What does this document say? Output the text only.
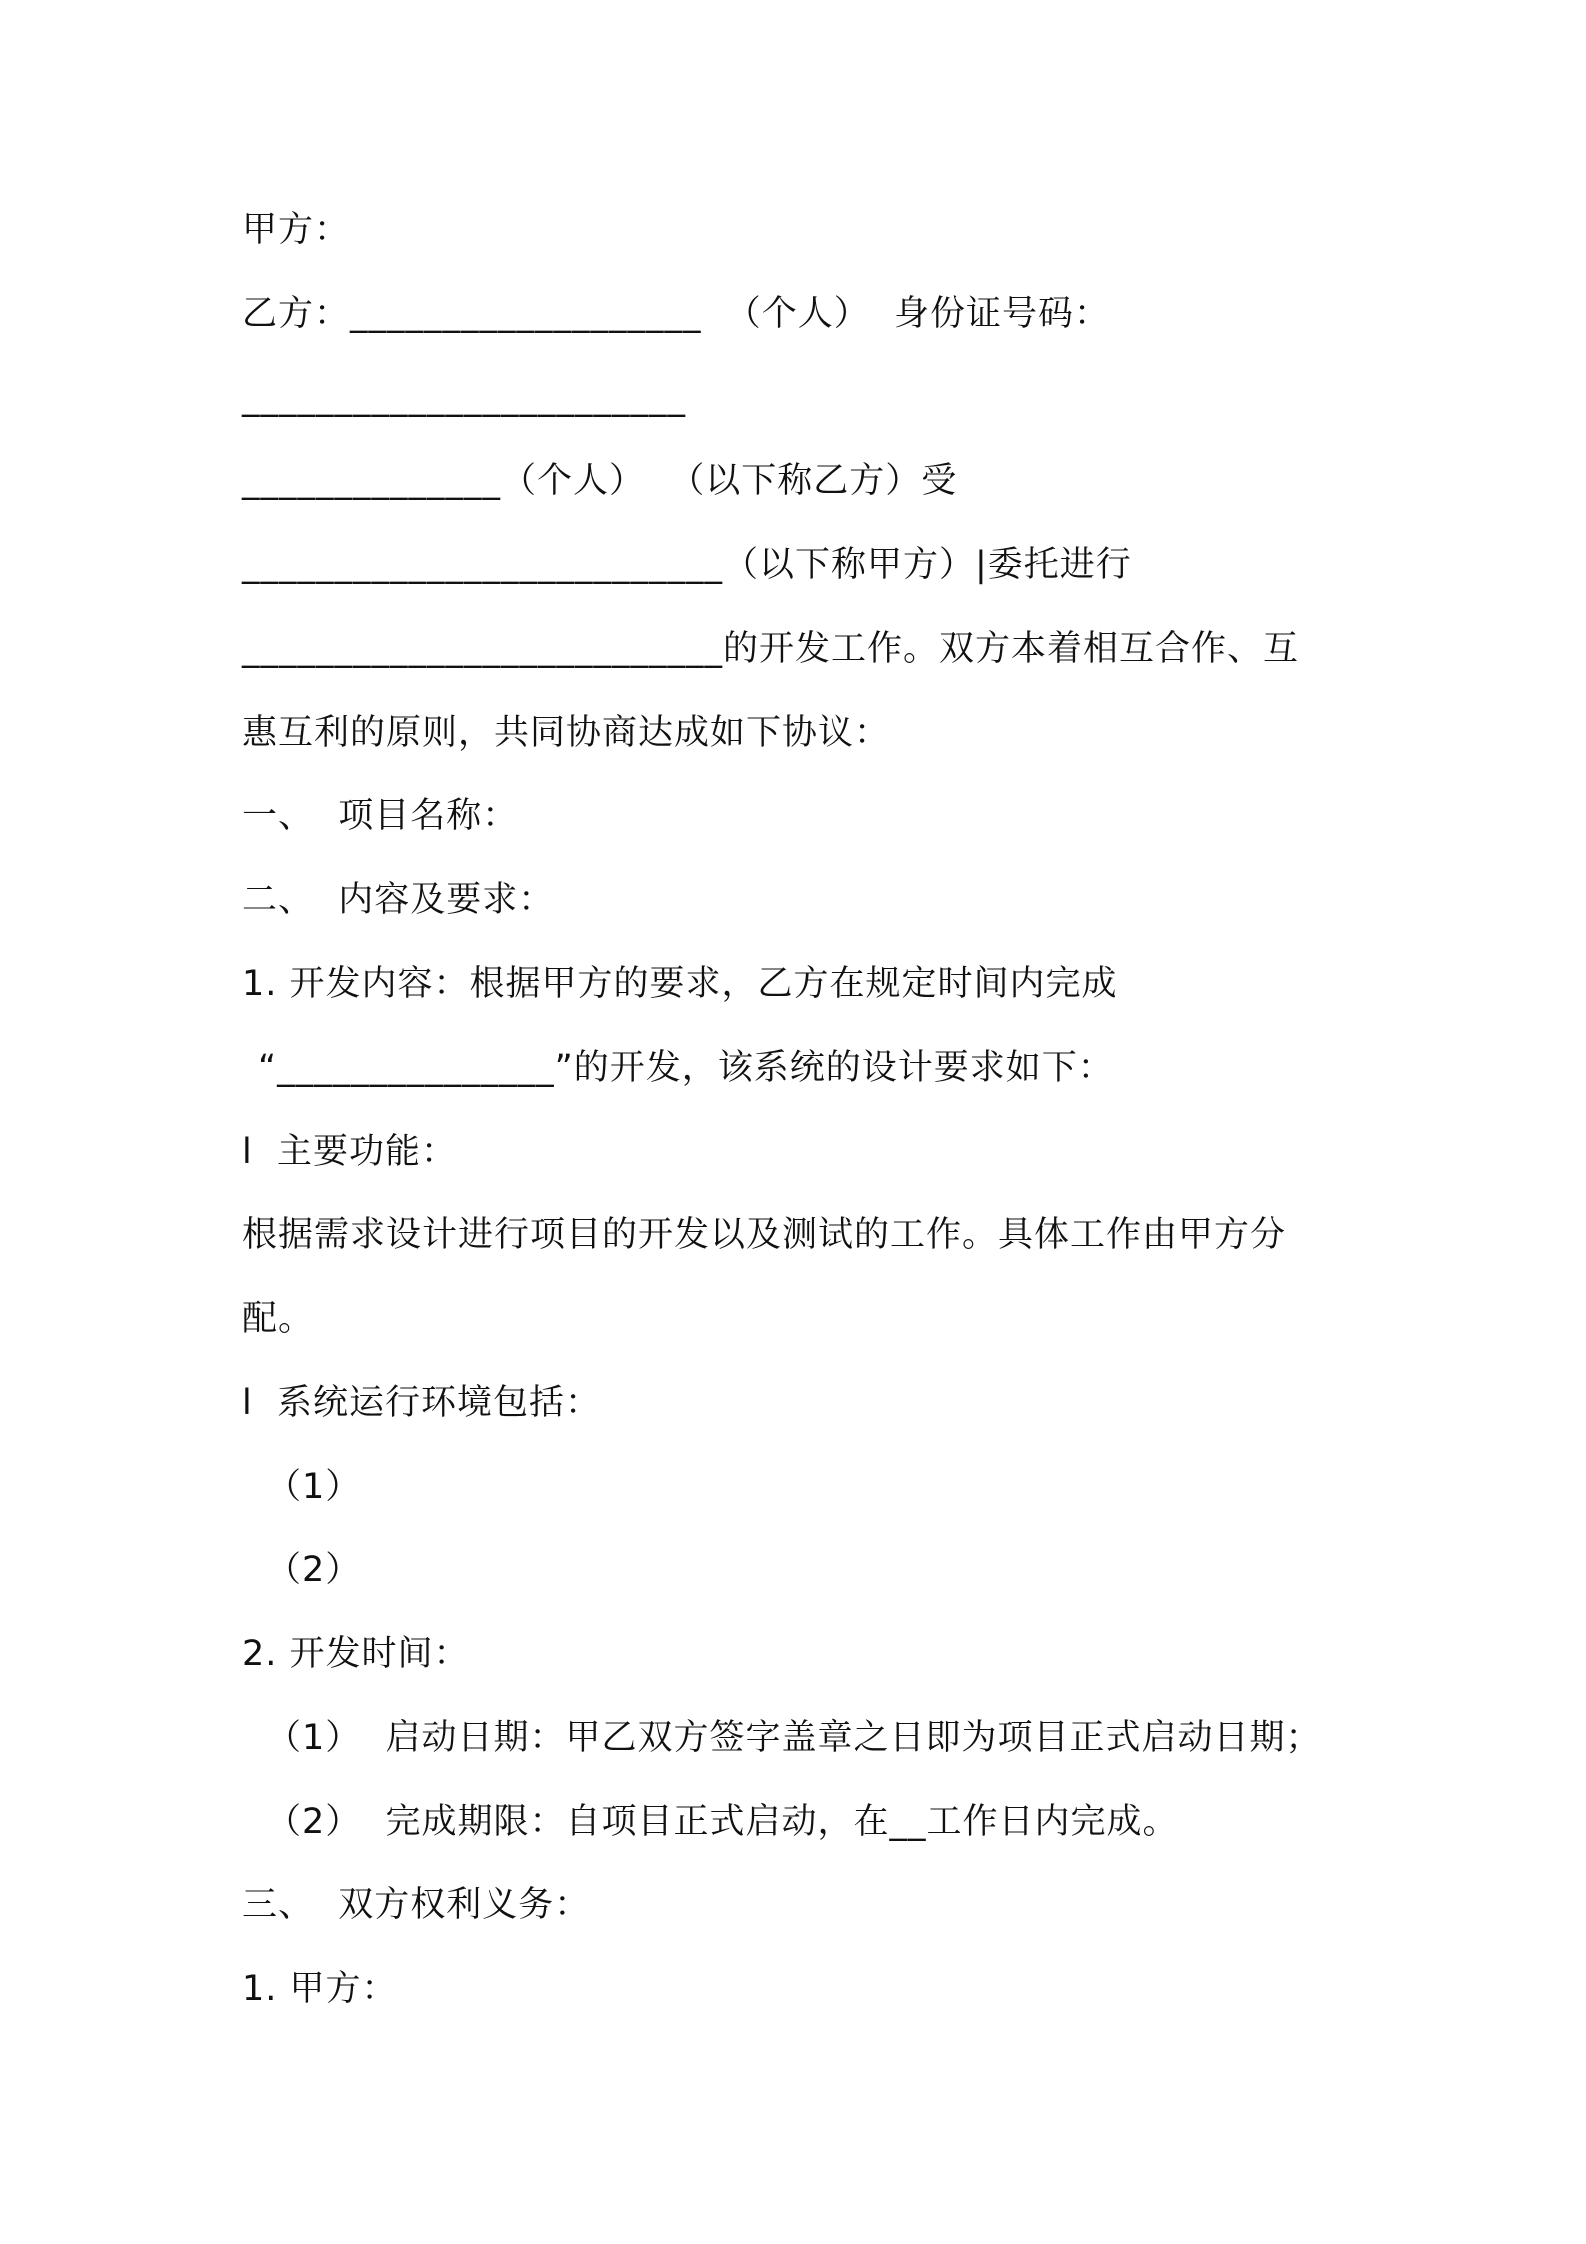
甲方：
乙方：___________________  （个人）  身份证号码：
________________________
______________（个人）  （以下称乙方）受
__________________________（以下称甲方）|委托进行
__________________________的开发工作。双方本着相互合作、互
惠互利的原则，共同协商达成如下协议：
一、  项目名称：
二、  内容及要求：
1. 开发内容：根据甲方的要求，乙方在规定时间内完成
“_______________”的开发，该系统的设计要求如下：
l  主要功能：
根据需求设计进行项目的开发以及测试的工作。具体工作由甲方分
配。
l  系统运行环境包括：
（1）
（2）
2. 开发时间：
（1）  启动日期：甲乙双方签字盖章之日即为项目正式启动日期；
（2）  完成期限：自项目正式启动，在__工作日内完成。
三、  双方权利义务：
1. 甲方：
